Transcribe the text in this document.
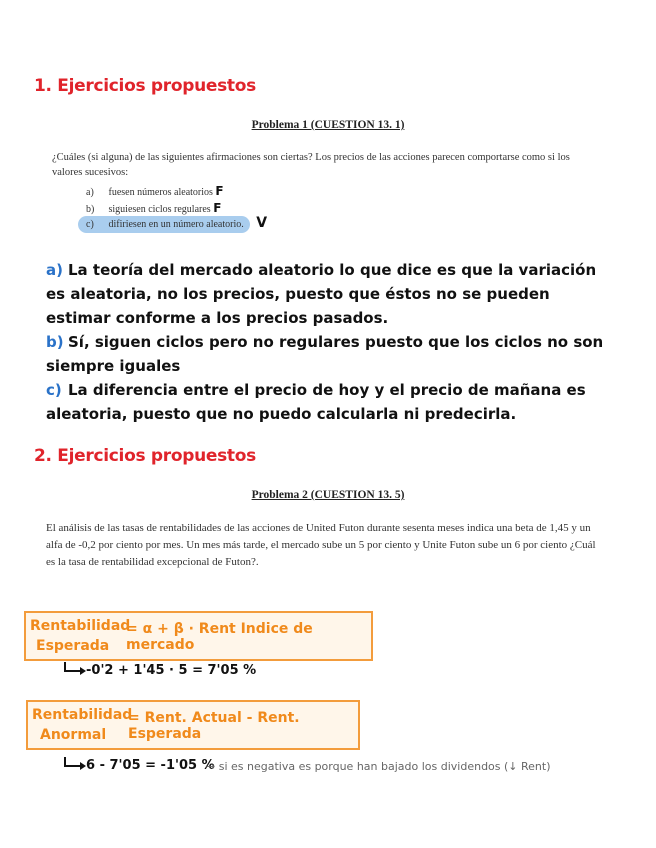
1. Ejercicios propuestos
Problema 1 (CUESTION 13. 1)
¿Cuáles (si alguna) de las siguientes afirmaciones son ciertas? Los precios de las acciones parecen comportarse como si los valores sucesivos:
a) fuesen números aleatorios F
b) siguiesen ciclos regulares F
c) difiriesen en un número aleatorio. V
a) La teoría del mercado aleatorio lo que dice es que la variación es aleatoria, no los precios, puesto que éstos no se pueden estimar conforme a los precios pasados.
b) Sí, siguen ciclos pero no regulares puesto que los ciclos no son siempre iguales
c) La diferencia entre el precio de hoy y el precio de mañana es aleatoria, puesto que no puedo calcularla ni predecirla.
2. Ejercicios propuestos
Problema 2 (CUESTION 13. 5)
El análisis de las tasas de rentabilidades de las acciones de United Futon durante sesenta meses indica una beta de 1,45 y un alfa de -0,2 por ciento por mes. Un mes más tarde, el mercado sube un 5 por ciento y Unite Futon sube un 6 por ciento ¿Cuál es la tasa de rentabilidad excepcional de Futon?.
Rentabilidad
Esperada
= α + β · Rent Indice de mercado
-0'2 + 1'45 · 5 = 7'05 %
Rentabilidad
Anormal
= Rent. Actual - Rent. Esperada
6 - 7'05 = -1'05 %
→ si es negativa es porque han bajado los dividendos (↓ Rent)
